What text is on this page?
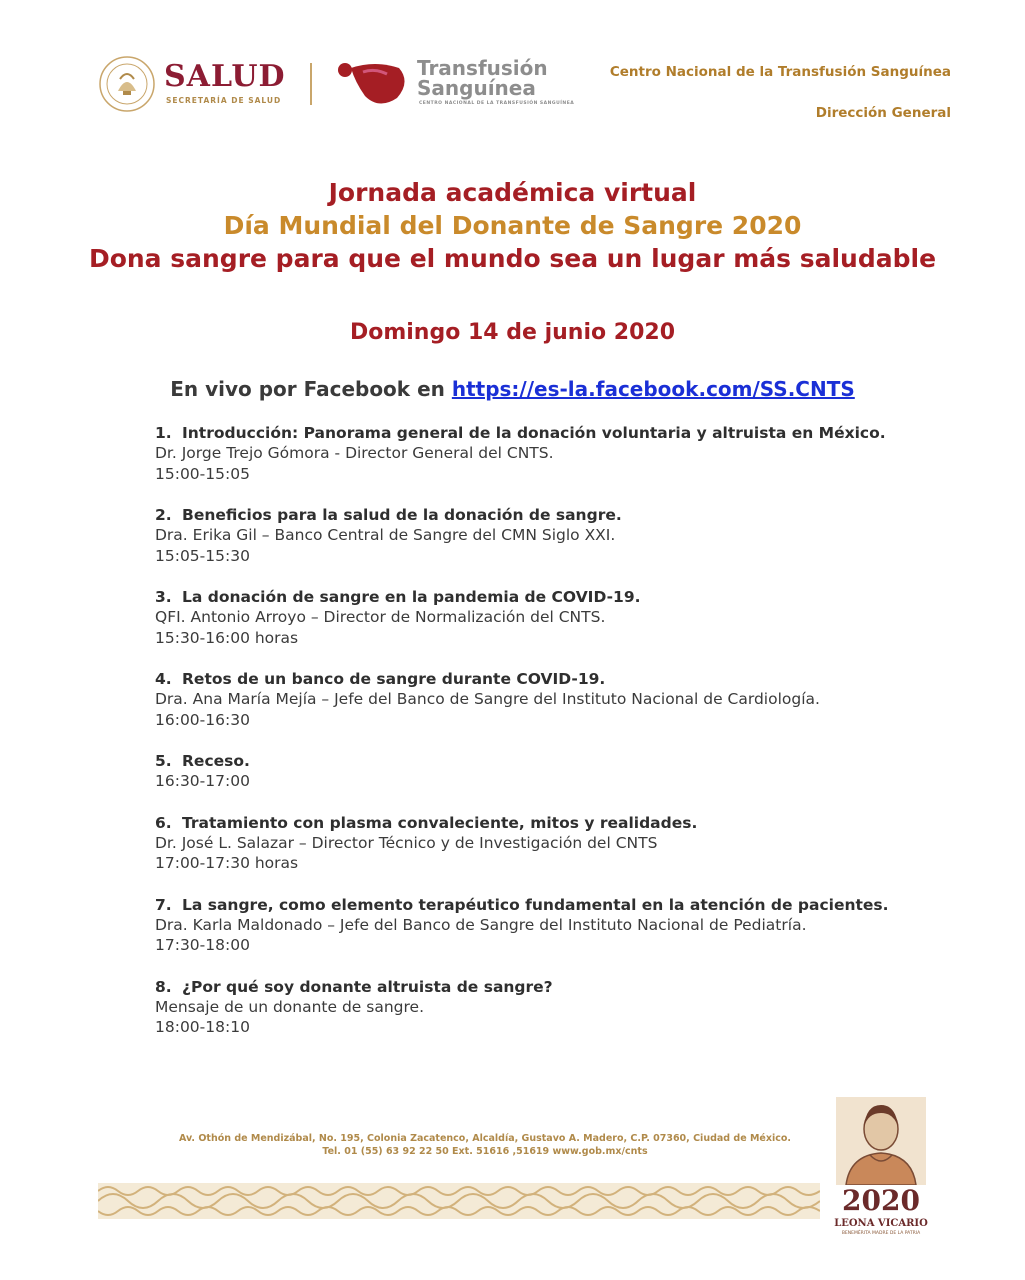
SALUD
SECRETARÍA DE SALUD
Transfusión
Sanguínea
CENTRO NACIONAL DE LA TRANSFUSIÓN SANGUÍNEA
Centro Nacional de la Transfusión Sanguínea
Dirección General
Jornada académica virtual
Día Mundial del Donante de Sangre 2020
Dona sangre para que el mundo sea un lugar más saludable
Domingo 14 de junio 2020
En vivo por Facebook en https://es-la.facebook.com/SS.CNTS
1. Introducción: Panorama general de la donación voluntaria y altruista en México.
Dr. Jorge Trejo Gómora - Director General del CNTS.
15:00-15:05
2. Beneficios para la salud de la donación de sangre.
Dra. Erika Gil – Banco Central de Sangre del CMN Siglo XXI.
15:05-15:30
3. La donación de sangre en la pandemia de COVID-19.
QFI. Antonio Arroyo – Director de Normalización del CNTS.
15:30-16:00 horas
4. Retos de un banco de sangre durante COVID-19.
Dra. Ana María Mejía – Jefe del Banco de Sangre del Instituto Nacional de Cardiología.
16:00-16:30
5. Receso.
16:30-17:00
6. Tratamiento con plasma convaleciente, mitos y realidades.
Dr. José L. Salazar – Director Técnico y de Investigación del CNTS
17:00-17:30 horas
7. La sangre, como elemento terapéutico fundamental en la atención de pacientes.
Dra. Karla Maldonado – Jefe del Banco de Sangre del Instituto Nacional de Pediatría.
17:30-18:00
8. ¿Por qué soy donante altruista de sangre?
Mensaje de un donante de sangre.
18:00-18:10
Av. Othón de Mendizábal, No. 195, Colonia Zacatenco, Alcaldía, Gustavo A. Madero, C.P. 07360, Ciudad de México.
Tel. 01 (55) 63 92 22 50 Ext. 51616 ,51619 www.gob.mx/cnts
2020
LEONA VICARIO
BENEMÉRITA MADRE DE LA PATRIA
